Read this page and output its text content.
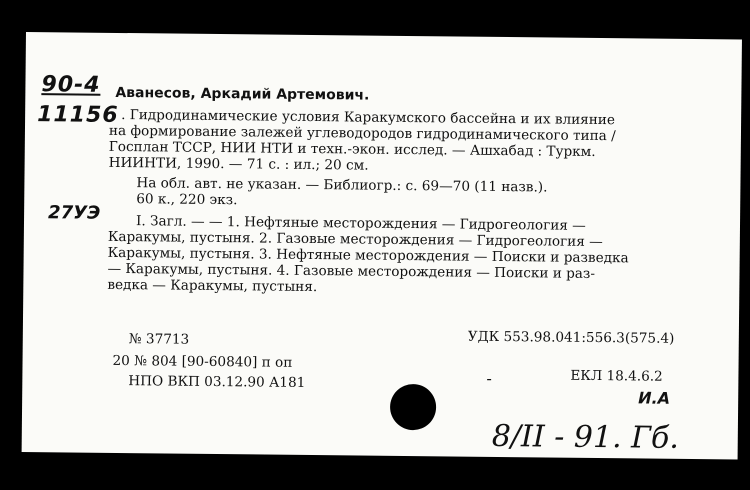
90-4
11156
27УЭ
Аванесов, Аркадий Артемович.
. Гидродинамические условия Каракумского бассейна и их влияние
на формирование залежей углеводородов гидродинамического типа /
Госплан ТССР, НИИ НТИ и техн.-экон. исслед. — Ашхабад : Туркм.
НИИНТИ, 1990. — 71 с. : ил.; 20 см.
На обл. авт. не указан. — Библиогр.: с. 69—70 (11 назв.).
60 к., 220 экз.
I. Загл. — — 1. Нефтяные месторождения — Гидрогеология —
Каракумы, пустыня. 2. Газовые месторождения — Гидрогеология —
Каракумы, пустыня. 3. Нефтяные месторождения — Поиски и разведка
— Каракумы, пустыня. 4. Газовые месторождения — Поиски и раз-
ведка — Каракумы, пустыня.
УДК 553.98.041:556.3(575.4)
№ 37713
20 № 804 [90-60840] п оп
НПО ВКП 03.12.90 А181	-	ЕКЛ 18.4.6.2
И.А
8/II - 91. Гб.
